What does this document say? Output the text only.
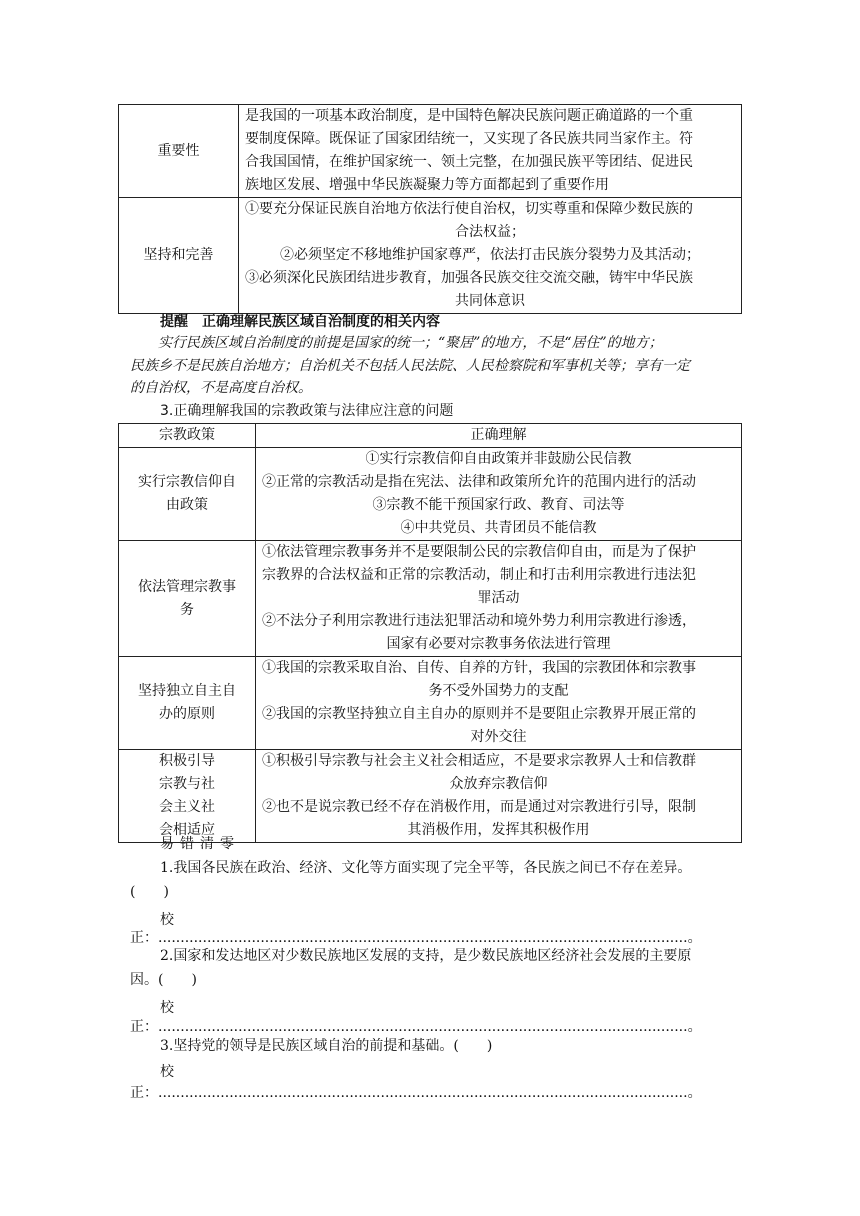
重要性	是我国的一项基本政治制度，是中国特色解决民族问题正确道路的一个重
要制度保障。既保证了国家团结统一，又实现了各民族共同当家作主。符
合我国国情，在维护国家统一、领土完整，在加强民族平等团结、促进民
族地区发展、增强中华民族凝聚力等方面都起到了重要作用

坚持和完善	①要充分保证民族自治地方依法行使自治权，切实尊重和保障少数民族的
合法权益；
②必须坚定不移地维护国家尊严，依法打击民族分裂势力及其活动；
③必须深化民族团结进步教育，加强各民族交往交流交融，铸牢中华民族
共同体意识
提醒 正确理解民族区域自治制度的相关内容
实行民族区域自治制度的前提是国家的统一；“聚居”的地方，不是“居住”的地方；
民族乡不是民族自治地方；自治机关不包括人民法院、人民检察院和军事机关等；享有一定
的自治权，不是高度自治权。
3.正确理解我国的宗教政策与法律应注意的问题
宗教政策	正确理解

实行宗教信仰自
由政策	①实行宗教信仰自由政策并非鼓励公民信教
②正常的宗教活动是指在宪法、法律和政策所允许的范围内进行的活动
③宗教不能干预国家行政、教育、司法等
④中共党员、共青团员不能信教

依法管理宗教事
务	①依法管理宗教事务并不是要限制公民的宗教信仰自由，而是为了保护
宗教界的合法权益和正常的宗教活动，制止和打击利用宗教进行违法犯
罪活动
②不法分子利用宗教进行违法犯罪活动和境外势力利用宗教进行渗透，
国家有必要对宗教事务依法进行管理

坚持独立自主自
办的原则	①我国的宗教采取自治、自传、自养的方针，我国的宗教团体和宗教事
务不受外国势力的支配
②我国的宗教坚持独立自主自办的原则并不是要阻止宗教界开展正常的
对外交往

积极引导
宗教与社
会主义社
会相适应	①积极引导宗教与社会主义社会相适应，不是要求宗教界人士和信教群
众放弃宗教信仰
②也不是说宗教已经不存在消极作用，而是通过对宗教进行引导，限制
其消极作用，发挥其积极作用
易错清零
1.我国各民族在政治、经济、文化等方面实现了完全平等，各民族之间已不存在差异。
(　　)
校
正：.......................................................................................................................。
2.国家和发达地区对少数民族地区发展的支持，是少数民族地区经济社会发展的主要原
因。(　　)
校
正：.......................................................................................................................。
3.坚持党的领导是民族区域自治的前提和基础。(　　)
校
正：.......................................................................................................................。
